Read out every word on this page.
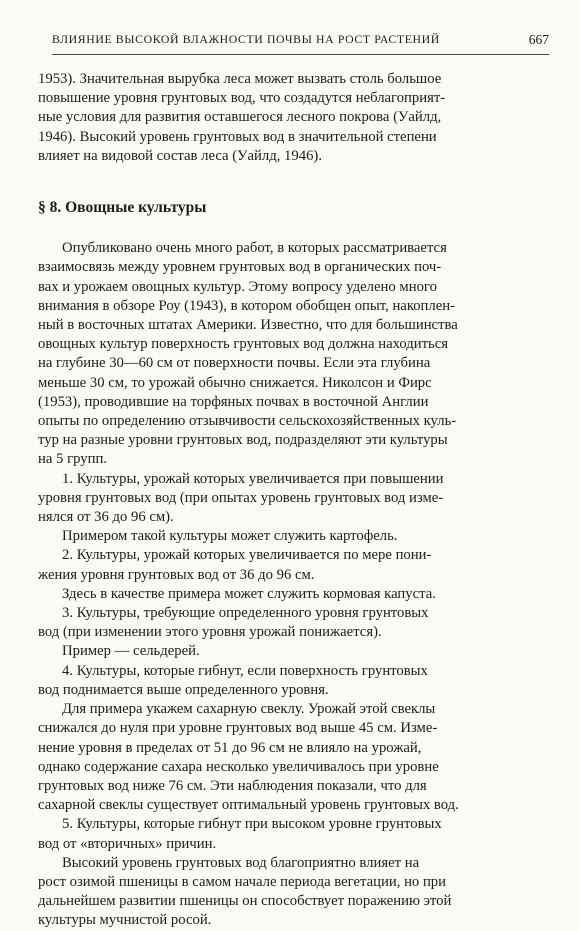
ВЛИЯНИЕ ВЫСОКОЙ ВЛАЖНОСТИ ПОЧВЫ НА РОСТ РАСТЕНИЙ	667
1953). Значительная вырубка леса может вызвать столь большое
повышение уровня грунтовых вод, что создадутся неблагоприят-
ные условия для развития оставшегося лесного покрова (Уайлд,
1946). Высокий уровень грунтовых вод в значительной степени
влияет на видовой состав леса (Уайлд, 1946).
§ 8. Овощные культуры
Опубликовано очень много работ, в которых рассматривается
взаимосвязь между уровнем грунтовых вод в органических поч-
вах и урожаем овощных культур. Этому вопросу уделено много
внимания в обзоре Роу (1943), в котором обобщен опыт, накоплен-
ный в восточных штатах Америки. Известно, что для большинства
овощных культур поверхность грунтовых вод должна находиться
на глубине 30—60 см от поверхности почвы. Если эта глубина
меньше 30 см, то урожай обычно снижается. Николсон и Фирс
(1953), проводившие на торфяных почвах в восточной Англии
опыты по определению отзывчивости сельскохозяйственных куль-
тур на разные уровни грунтовых вод, подразделяют эти культуры
на 5 групп.
1. Культуры, урожай которых увеличивается при повышении
уровня грунтовых вод (при опытах уровень грунтовых вод изме-
нялся от 36 до 96 см).
Примером такой культуры может служить картофель.
2. Культуры, урожай которых увеличивается по мере пони-
жения уровня грунтовых вод от 36 до 96 см.
Здесь в качестве примера может служить кормовая капуста.
3. Культуры, требующие определенного уровня грунтовых
вод (при изменении этого уровня урожай понижается).
Пример — сельдерей.
4. Культуры, которые гибнут, если поверхность грунтовых
вод поднимается выше определенного уровня.
Для примера укажем сахарную свеклу. Урожай этой свеклы
снижался до нуля при уровне грунтовых вод выше 45 см. Изме-
нение уровня в пределах от 51 до 96 см не влияло на урожай,
однако содержание сахара несколько увеличивалось при уровне
грунтовых вод ниже 76 см. Эти наблюдения показали, что для
сахарной свеклы существует оптимальный уровень грунтовых вод.
5. Культуры, которые гибнут при высоком уровне грунтовых
вод от «вторичных» причин.
Высокий уровень грунтовых вод благоприятно влияет на
рост озимой пшеницы в самом начале периода вегетации, но при
дальнейшем развитии пшеницы он способствует поражению этой
культуры мучнистой росой.
